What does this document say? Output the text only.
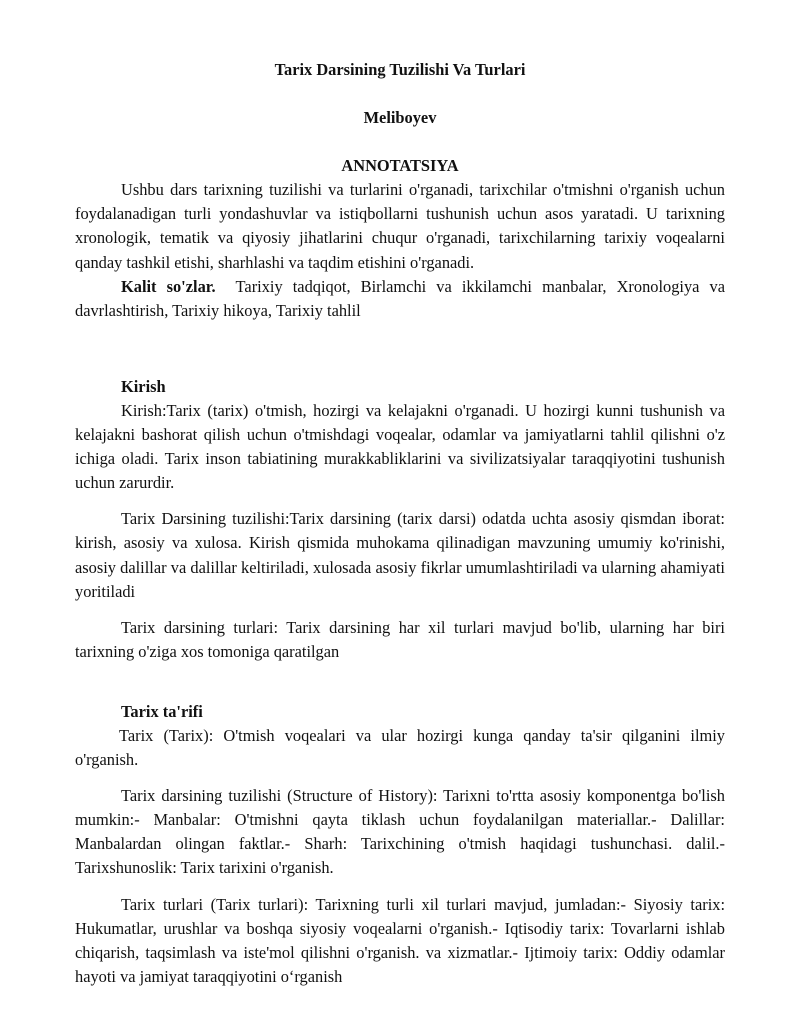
Tarix Darsining Tuzilishi Va Turlari
Meliboyev
ANNOTATSIYA

Ushbu dars tarixning tuzilishi va turlarini o'rganadi, tarixchilar o'tmishni o'rganish uchun foydalanadigan turli yondashuvlar va istiqbollarni tushunish uchun asos yaratadi. U tarixning xronologik, tematik va qiyosiy jihatlarini chuqur o'rganadi, tarixchilarning tarixiy voqealarni qanday tashkil etishi, sharhlashi va taqdim etishini o'rganadi.

Kalit so'zlar. Tarixiy tadqiqot, Birlamchi va ikkilamchi manbalar, Xronologiya va davrlashtirish, Tarixiy hikoya, Tarixiy tahlil

Kirish

Kirish:Tarix (tarix) o'tmish, hozirgi va kelajakni o'rganadi. U hozirgi kunni tushunish va kelajakni bashorat qilish uchun o'tmishdagi voqealar, odamlar va jamiyatlarni tahlil qilishni o'z ichiga oladi. Tarix inson tabiatining murakkabliklarini va sivilizatsiyalar taraqqiyotini tushunish uchun zarurdir.

Tarix Darsining tuzilishi:Tarix darsining (tarix darsi) odatda uchta asosiy qismdan iborat: kirish, asosiy va xulosa. Kirish qismida muhokama qilinadigan mavzuning umumiy ko'rinishi, asosiy dalillar va dalillar keltiriladi, xulosada asosiy fikrlar umumlashtiriladi va ularning ahamiyati yoritiladi

Tarix darsining turlari: Tarix darsining har xil turlari mavjud bo'lib, ularning har biri tarixning o'ziga xos tomoniga qaratilgan

Tarix ta'rifi

Tarix (Tarix): O'tmish voqealari va ular hozirgi kunga qanday ta'sir qilganini ilmiy o'rganish.

Tarix darsining tuzilishi (Structure of History): Tarixni to'rtta asosiy komponentga bo'lish mumkin:- Manbalar: O'tmishni qayta tiklash uchun foydalanilgan materiallar.- Dalillar: Manbalardan olingan faktlar.- Sharh: Tarixchining o'tmish haqidagi tushunchasi. dalil.- Tarixshunoslik: Tarix tarixini o'rganish.

Tarix turlari (Tarix turlari): Tarixning turli xil turlari mavjud, jumladan:- Siyosiy tarix: Hukumatlar, urushlar va boshqa siyosiy voqealarni o'rganish.- Iqtisodiy tarix: Tovarlarni ishlab chiqarish, taqsimlash va iste'mol qilishni o'rganish. va xizmatlar.- Ijtimoiy tarix: Oddiy odamlar hayoti va jamiyat taraqqiyotini o‘rganish
